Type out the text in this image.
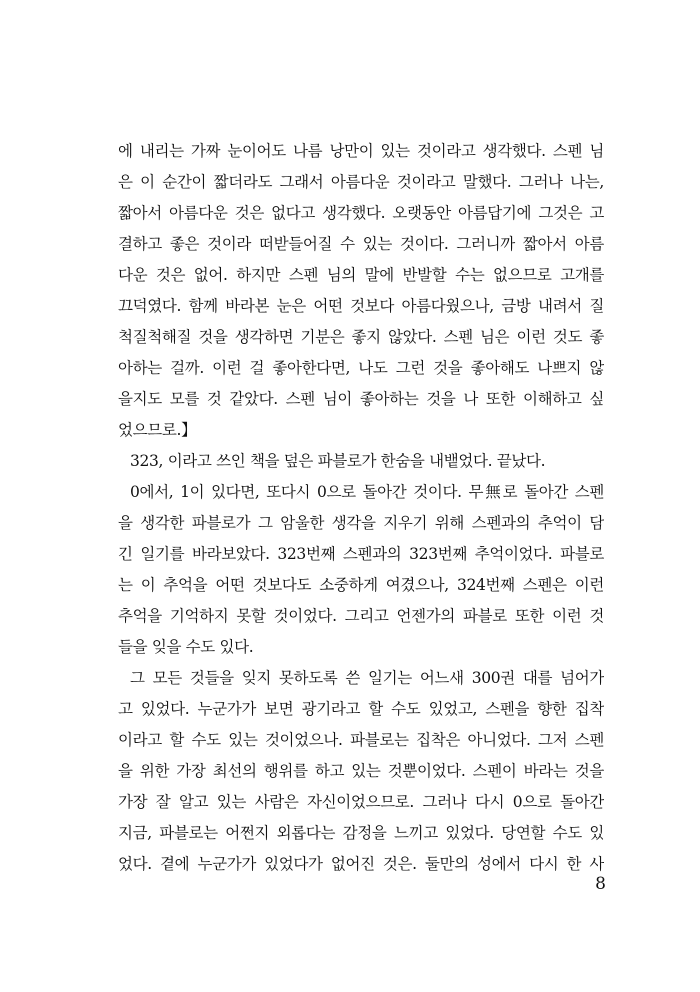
에 내리는 가짜 눈이어도 나름 낭만이 있는 것이라고 생각했다. 스펜 님
은 이 순간이 짧더라도 그래서 아름다운 것이라고 말했다. 그러나 나는,
짧아서 아름다운 것은 없다고 생각했다. 오랫동안 아름답기에 그것은 고
결하고 좋은 것이라 떠받들어질 수 있는 것이다. 그러니까 짧아서 아름
다운 것은 없어. 하지만 스펜 님의 말에 반발할 수는 없으므로 고개를
끄덕였다. 함께 바라본 눈은 어떤 것보다 아름다웠으나, 금방 내려서 질
척질척해질 것을 생각하면 기분은 좋지 않았다. 스펜 님은 이런 것도 좋
아하는 걸까. 이런 걸 좋아한다면, 나도 그런 것을 좋아해도 나쁘지 않
을지도 모를 것 같았다. 스펜 님이 좋아하는 것을 나 또한 이해하고 싶
었으므로.】
323, 이라고 쓰인 책을 덮은 파블로가 한숨을 내뱉었다. 끝났다.
0에서, 1이 있다면, 또다시 0으로 돌아간 것이다. 무無로 돌아간 스펜
을 생각한 파블로가 그 암울한 생각을 지우기 위해 스펜과의 추억이 담
긴 일기를 바라보았다. 323번째 스펜과의 323번째 추억이었다. 파블로
는 이 추억을 어떤 것보다도 소중하게 여겼으나, 324번째 스펜은 이런
추억을 기억하지 못할 것이었다. 그리고 언젠가의 파블로 또한 이런 것
들을 잊을 수도 있다.
그 모든 것들을 잊지 못하도록 쓴 일기는 어느새 300권 대를 넘어가
고 있었다. 누군가가 보면 광기라고 할 수도 있었고, 스펜을 향한 집착
이라고 할 수도 있는 것이었으나. 파블로는 집착은 아니었다. 그저 스펜
을 위한 가장 최선의 행위를 하고 있는 것뿐이었다. 스펜이 바라는 것을
가장 잘 알고 있는 사람은 자신이었으므로. 그러나 다시 0으로 돌아간
지금, 파블로는 어쩐지 외롭다는 감정을 느끼고 있었다. 당연할 수도 있
었다. 곁에 누군가가 있었다가 없어진 것은. 둘만의 성에서 다시 한 사
8
